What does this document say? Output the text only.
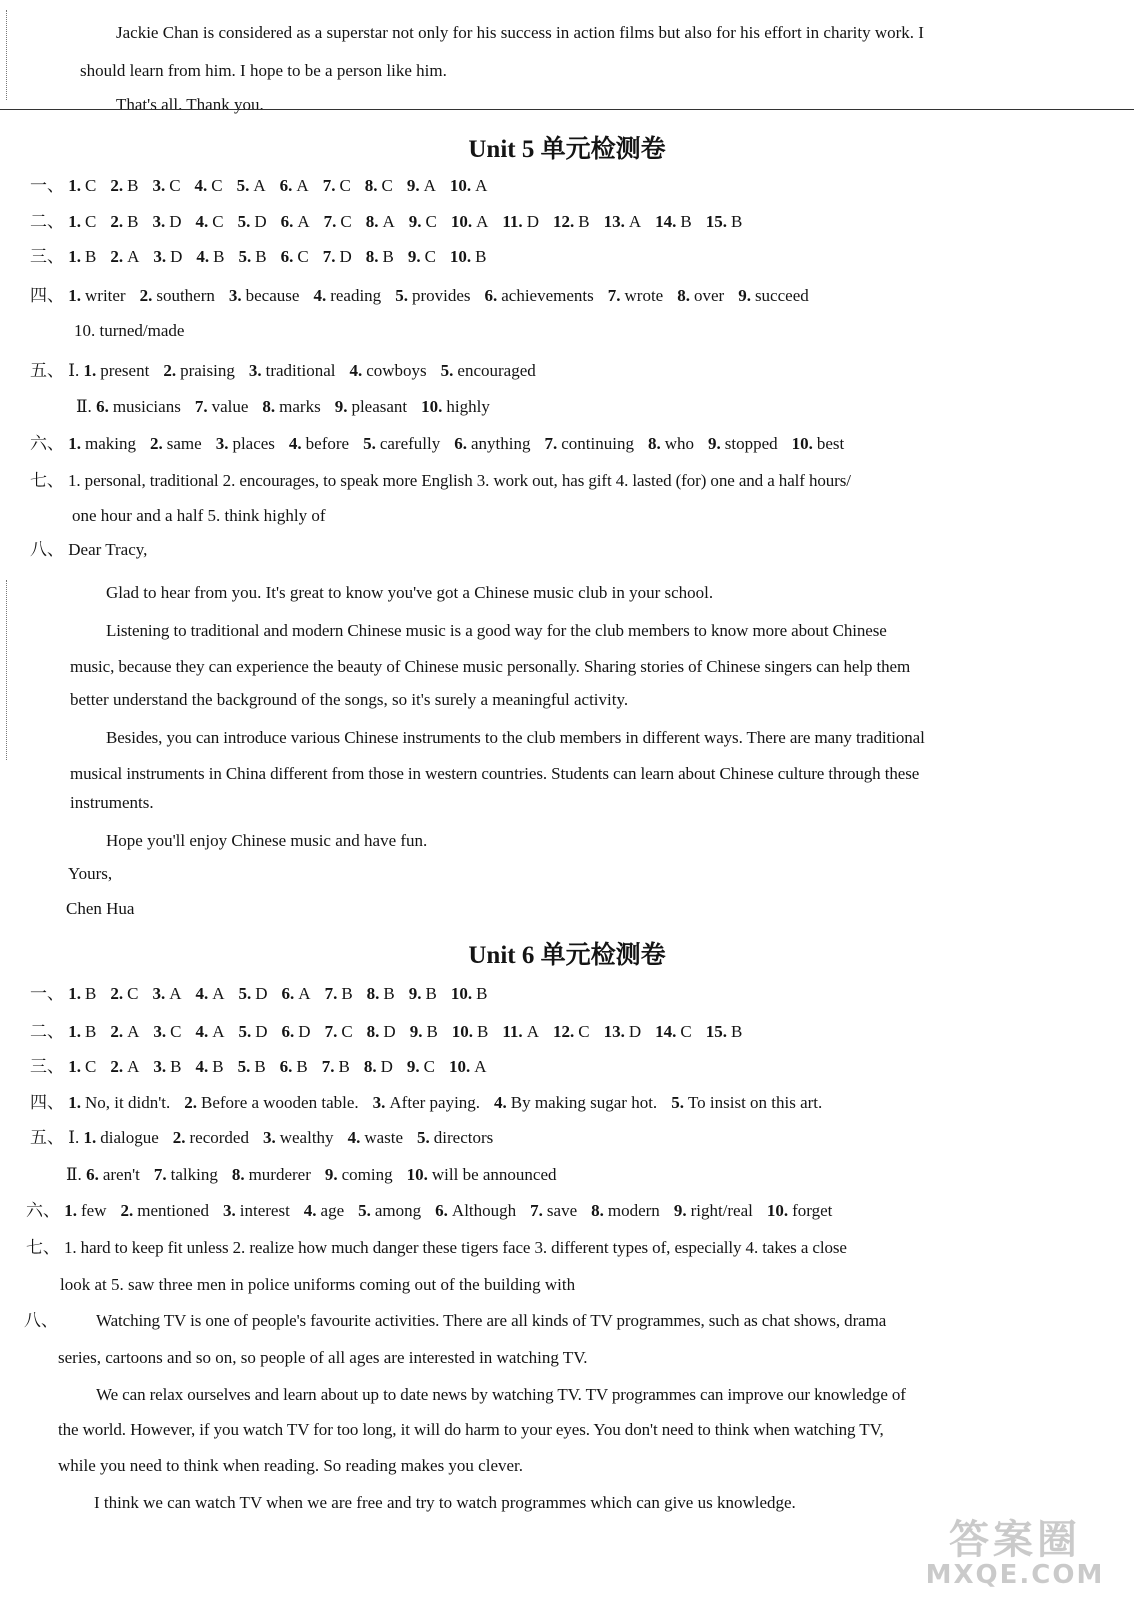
Jackie Chan is considered as a superstar not only for his success in action films but also for his effort in charity work. I
should learn from him. I hope to be a person like him.
That's all. Thank you.
Unit 5 单元检测卷
一、 1. C 2. B 3. C 4. C 5. A 6. A 7. C 8. C 9. A 10. A
二、 1. C 2. B 3. D 4. C 5. D 6. A 7. C 8. A 9. C 10. A 11. D 12. B 13. A 14. B 15. B
三、 1. B 2. A 3. D 4. B 5. B 6. C 7. D 8. B 9. C 10. B
四、 1. writer 2. southern 3. because 4. reading 5. provides 6. achievements 7. wrote 8. over 9. succeed
10. turned/made
五、 Ⅰ. 1. present 2. praising 3. traditional 4. cowboys 5. encouraged
Ⅱ. 6. musicians 7. value 8. marks 9. pleasant 10. highly
六、 1. making 2. same 3. places 4. before 5. carefully 6. anything 7. continuing 8. who 9. stopped 10. best
七、 1. personal, traditional 2. encourages, to speak more English 3. work out, has gift 4. lasted (for) one and a half hours/
one hour and a half 5. think highly of
八、 Dear Tracy,
Glad to hear from you. It's great to know you've got a Chinese music club in your school.
Listening to traditional and modern Chinese music is a good way for the club members to know more about Chinese
music, because they can experience the beauty of Chinese music personally. Sharing stories of Chinese singers can help them
better understand the background of the songs, so it's surely a meaningful activity.
Besides, you can introduce various Chinese instruments to the club members in different ways. There are many traditional
musical instruments in China different from those in western countries. Students can learn about Chinese culture through these
instruments.
Hope you'll enjoy Chinese music and have fun.
Yours,
Chen Hua
Unit 6 单元检测卷
一、 1. B 2. C 3. A 4. A 5. D 6. A 7. B 8. B 9. B 10. B
二、 1. B 2. A 3. C 4. A 5. D 6. D 7. C 8. D 9. B 10. B 11. A 12. C 13. D 14. C 15. B
三、 1. C 2. A 3. B 4. B 5. B 6. B 7. B 8. D 9. C 10. A
四、 1. No, it didn't. 2. Before a wooden table. 3. After paying. 4. By making sugar hot. 5. To insist on this art.
五、 Ⅰ. 1. dialogue 2. recorded 3. wealthy 4. waste 5. directors
Ⅱ. 6. aren't 7. talking 8. murderer 9. coming 10. will be announced
六、 1. few 2. mentioned 3. interest 4. age 5. among 6. Although 7. save 8. modern 9. right/real 10. forget
七、 1. hard to keep fit unless 2. realize how much danger these tigers face 3. different types of, especially 4. takes a close
look at 5. saw three men in police uniforms coming out of the building with
八、 Watching TV is one of people's favourite activities. There are all kinds of TV programmes, such as chat shows, drama
series, cartoons and so on, so people of all ages are interested in watching TV.
We can relax ourselves and learn about up to date news by watching TV. TV programmes can improve our knowledge of
the world. However, if you watch TV for too long, it will do harm to your eyes. You don't need to think when watching TV,
while you need to think when reading. So reading makes you clever.
I think we can watch TV when we are free and try to watch programmes which can give us knowledge.
答案圈
MXQE.COM
